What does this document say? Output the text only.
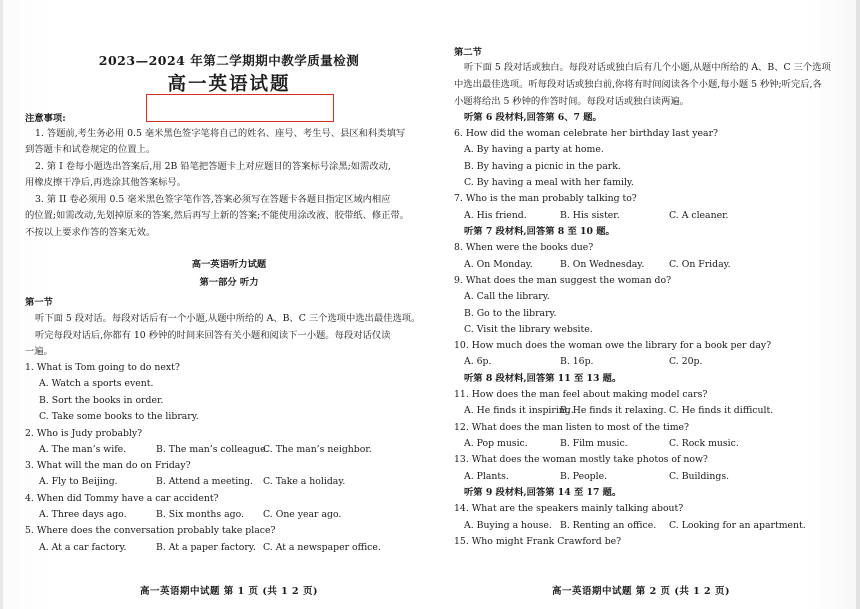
2023—2024 年第二学期期中教学质量检测
高一英语试题
注意事项:
1. 答题前,考生务必用 0.5 毫米黑色签字笔将自己的姓名、座号、考生号、县区和科类填写
到答题卡和试卷规定的位置上。
2. 第 I 卷每小题选出答案后,用 2B 铅笔把答题卡上对应题目的答案标号涂黑;如需改动,
用橡皮擦干净后,再选涂其他答案标号。
3. 第 II 卷必须用 0.5 毫米黑色签字笔作答,答案必须写在答题卡各题目指定区域内相应
的位置;如需改动,先划掉原来的答案,然后再写上新的答案;不能使用涂改液、胶带纸、修正带。
不按以上要求作答的答案无效。
高一英语听力试题
第一部分 听力
第一节
听下面 5 段对话。每段对话后有一个小题,从题中所给的 A、B、C 三个选项中选出最佳选项。
听完每段对话后,你都有 10 秒钟的时间来回答有关小题和阅读下一小题。每段对话仅读
一遍。
1. What is Tom going to do next?
A. Watch a sports event.
B. Sort the books in order.
C. Take some books to the library.
2. Who is Judy probably?
A. The man’s wife.	B. The man’s colleague.
C. The man’s neighbor.
3. What will the man do on Friday?
A. Fly to Beijing.	B. Attend a meeting. C. Take a holiday.
4. When did Tommy have a car accident?
A. Three days ago.	B. Six months ago. C. One year ago.
5. Where does the conversation probably take place?
A. At a car factory.	B. At a paper factory. C. At a newspaper office.
高一英语期中试题 第 1 页 (共 1 2 页)
第二节
听下面 5 段对话或独白。每段对话或独白后有几个小题,从题中所给的 A、B、C 三个选项
中选出最佳选项。听每段对话或独白前,你将有时间阅读各个小题,每小题 5 秒钟;听完后,各
小题将给出 5 秒钟的作答时间。每段对话或独白读两遍。
听第 6 段材料,回答第 6、7 题。
6. How did the woman celebrate her birthday last year?
A. By having a party at home.
B. By having a picnic in the park.
C. By having a meal with her family.
7. Who is the man probably talking to?
A. His friend.	B. His sister.	C. A cleaner.
听第 7 段材料,回答第 8 至 10 题。
8. When were the books due?
A. On Monday.	B. On Wednesday.	C. On Friday.
9. What does the man suggest the woman do?
A. Call the library.
B. Go to the library.
C. Visit the library website.
10. How much does the woman owe the library for a book per day?
A. 6p.	B. 16p.	C. 20p.
听第 8 段材料,回答第 11 至 13 题。
11. How does the man feel about making model cars?
A. He finds it inspiring.
B. He finds it relaxing. C. He finds it difficult.
12. What does the man listen to most of the time?
A. Pop music.	B. Film music.	C. Rock music.
13. What does the woman mostly take photos of now?
A. Plants.	B. People.	C. Buildings.
听第 9 段材料,回答第 14 至 17 题。
14. What are the speakers mainly talking about?
A. Buying a house. B. Renting an office. C. Looking for an apartment.
15. Who might Frank Crawford be?
高一英语期中试题 第 2 页 (共 1 2 页)
